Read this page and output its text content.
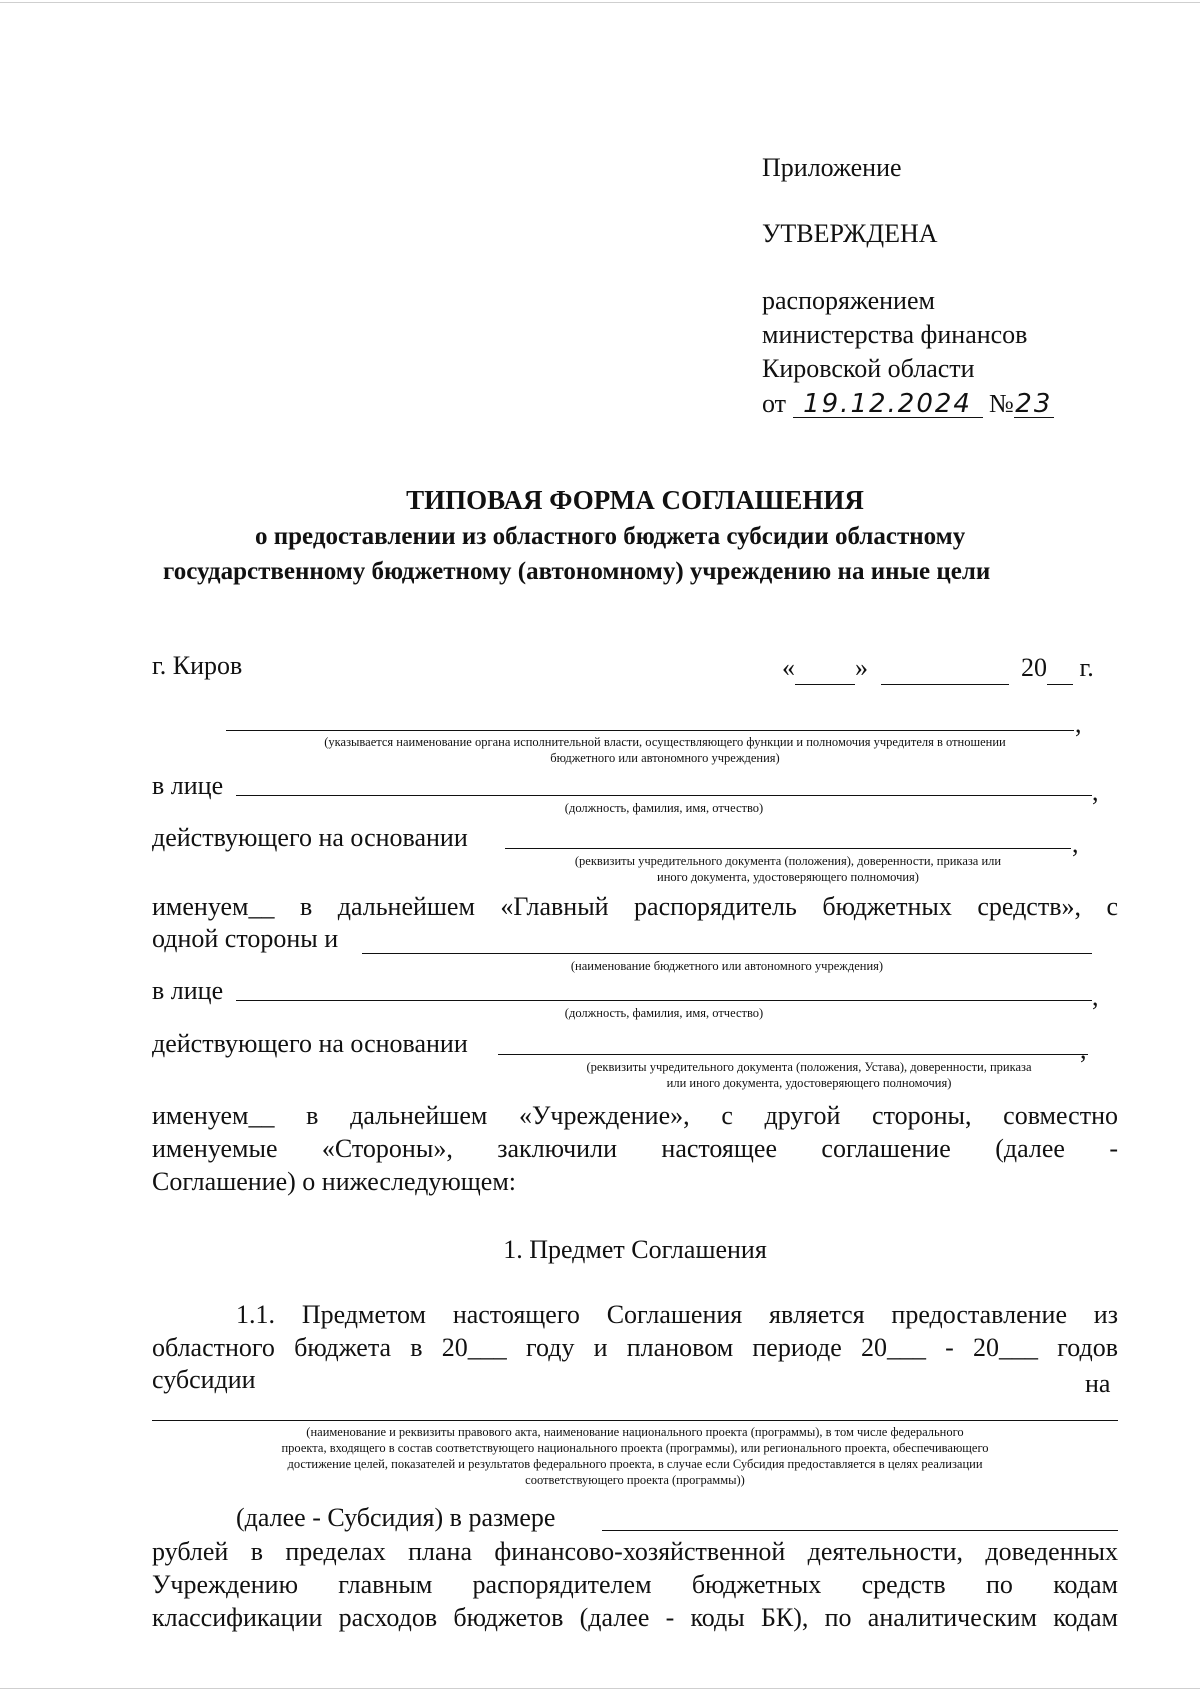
Приложение
УТВЕРЖДЕНА
распоряжением
министерства финансов
Кировской области
от 19.12.2024 №23
ТИПОВАЯ ФОРМА СОГЛАШЕНИЯ
о предоставлении из областного бюджета субсидии областному
государственному бюджетному (автономному) учреждению на иные цели
г. Киров	« »	20 г.
,
(указывается наименование органа исполнительной власти, осуществляющего функции и полномочия учредителя в отношении
бюджетного или автономного учреждения)
в лице	,
(должность, фамилия, имя, отчество)
действующего на основании	,
(реквизиты учредительного документа (положения), доверенности, приказа или
иного документа, удостоверяющего полномочия)
именуем__ в дальнейшем «Главный распорядитель бюджетных средств», с
одной стороны и
(наименование бюджетного или автономного учреждения)
в лице	,
(должность, фамилия, имя, отчество)
действующего на основании	,
(реквизиты учредительного документа (положения, Устава), доверенности, приказа
или иного документа, удостоверяющего полномочия)
именуем__ в дальнейшем «Учреждение», с другой стороны, совместно
именуемые «Стороны», заключили настоящее соглашение (далее -
Соглашение) о нижеследующем:
1. Предмет Соглашения
1.1. Предметом настоящего Соглашения является предоставление из
областного бюджета в 20___ году и плановом периоде 20___ - 20___ годов
субсидии	на
(наименование и реквизиты правового акта, наименование национального проекта (программы), в том числе федерального
проекта, входящего в состав соответствующего национального проекта (программы), или регионального проекта, обеспечивающего
достижение целей, показателей и результатов федерального проекта, в случае если Субсидия предоставляется в целях реализации
соответствующего проекта (программы))
(далее - Субсидия) в размере
рублей в пределах плана финансово-хозяйственной деятельности, доведенных
Учреждению главным распорядителем бюджетных средств по кодам
классификации расходов бюджетов (далее - коды БК), по аналитическим кодам
